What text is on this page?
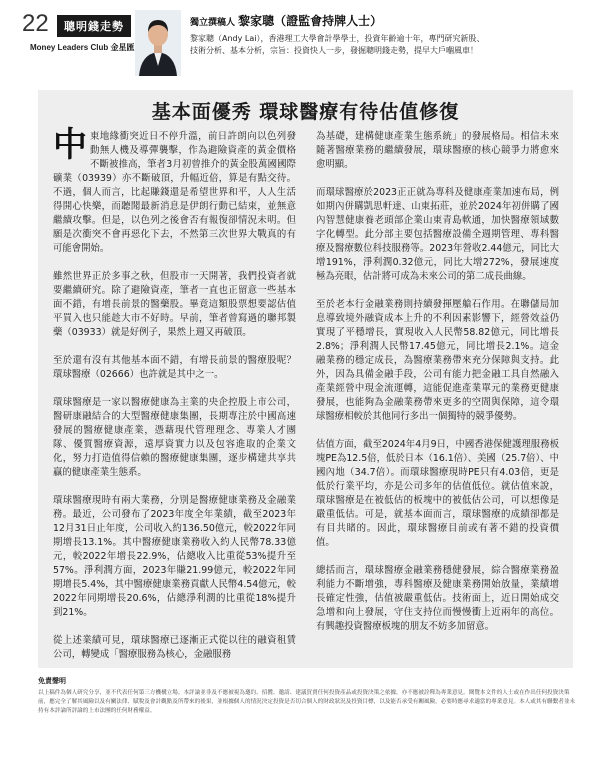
22	聰明錢走勢
Money Leaders Club 金星匯
獨立撰稿人 黎家聰（證監會持牌人士）
黎家聰（Andy Lai），香港理工大學會計學學士，投資年齡逾十年，專門研究新股、技術分析、基本分析，宗旨：投資快人一步，發掘聰明錢走勢，提早大戶嗰風車！
基本面優秀 環球醫療有待估值修復

中東地緣衝突近日不停升溫，前日許朗向以色列發動無人機及導彈襲擊，作為避險資產的黃金價格不斷被推高，筆者3月初曾推介的黃金股萬國國際礦業（03939）亦不斷破頂，升幅近倍，算是有點交待。不過，個人而言，比起賺錢還是希望世界和平，人人生活得開心快樂，而聽聞最新消息是伊朗行動已結束，並無意繼續攻擊。但是，以色列之後會否有報復卻情況未明。但願是次衝突不會再惡化下去，不然第三次世界大戰真的有可能會開始。

雖然世界正於多事之秋，但股市一天開著，我們投資者就要繼續研究。除了避險資產，筆者一直也正留意一些基本面不錯，有增長前景的醫藥股。畢竟這類股票想要認估值平買入也只能趁大市不好時。早前，筆者曾寫過的聯邦製藥（03933）就是好例子，果然上週又再破頂。

至於還有沒有其他基本面不錯，有增長前景的醫療股呢？環球醫療（02666）也許就是其中之一。

環球醫療是一家以醫療健康為主業的央企控股上市公司，醫研康融結合的大型醫療健康集團，長期專注於中國高速發展的醫療健康產業，憑藉現代管理理念、專業人才團隊、優質醫療資源，遠厚資實力以及包容進取的企業文化，努力打造值得信賴的醫療健康集團，逐步構建共享共贏的健康產業生態系。

環球醫療現時有兩大業務，分別是醫療健康業務及金融業務。最近，公司發布了2023年度全年業績，截至2023年12月31日止年度，公司收入約136.50億元，較2022年同期增長13.1%。其中醫療健康業務收入約人民幣78.33億元，較2022年增長22.9%，佔總收入比重從53%提升至57%。淨利潤方面，2023年賺21.99億元，較2022年同期增長5.4%，其中醫療健康業務貢獻人民幣4.54億元，較2022年同期增長20.6%，佔總淨利潤的比重從18%提升到21%。

從上述業績可見，環球醫療已逐漸正式從以往的融資租賃公司，轉變成「醫療服務為核心，金融服務

為基礎，建構健康產業生態系統」的發展格局。相信未來隨著醫療業務的繼續發展，環球醫療的核心競爭力將愈來愈明顯。

而環球醫療於2023正正就為專科及健康產業加速布局，例如期內併購凱思軒達、山東拓莊，並於2024年初併購了國內智慧健康養老頭部企業山東青島軟通，加快醫療領域數字化轉型。此分部主要包括醫療設備全週期管理、專科醫療及醫療數位科技服務等。2023年營收2.44億元，同比大增191%，淨利潤0.32億元，同比大增272%，發展速度極為亮眼，估計將可成為未來公司的第二成長曲線。

至於老本行金融業務則持續發揮壓艙石作用。在聯儲局加息導致境外融資成本上升的不利因素影響下，經營效益仍實現了平穩增長，實現收入人民幣58.82億元，同比增長2.8%；淨利潤人民幣17.45億元，同比增長2.1%。這金融業務的穩定成長，為醫療業務帶來充分保障與支持。此外，因為具備金融手段，公司有能力把金融工具自然融入產業經營中現金流運轉，這能促進產業單元的業務更健康發展，也能夠為金融業務帶來更多的空間與保障，這令環球醫療相較於其他同行多出一個獨特的競爭優勢。

估值方面，截至2024年4月9日，中國香港保健護理服務板塊PE為12.5倍，低於日本（16.1倍）、美國（25.7倍）、中國內地（34.7倍）。而環球醫療現時PE只有4.03倍，更是低於行業平均，亦是公司多年的估值低位。就估值來說，環球醫療是在被低估的板塊中的被低估公司，可以想像是嚴重低估。可是，就基本面而言，環球醫療的成績卻都是有目共睹的。因此，環球醫療目前或有著不錯的投資價值。

總括而言，環球醫療金融業務穩健發展，綜合醫療業務盈利能力不斷增強，專科醫療及健康業務開始放量，業績增長確定性強，估值被嚴重低估。技術面上，近日開始成交急增和向上發展，守住支持位而慢慢衝上近兩年的高位。有興趣投資醫療板塊的朋友不妨多加留意。

免責聲明
以上稿件為個人研究分享，並不代表任何第三方機構立場。本評論並非及不應被視為邀約、招攬、邀請、建議買賣任何投資產品或投資決策之依據，亦不應被詮釋為專業意見。閱覽本文件的人士或在作出任何投資決策前，應完全了解其風險以及有關法律、賦稅及會計觀點及所帶來的後果，並根據個人的情況決定投資是否切合個人的財政狀況及投資目標，以及能否承受有關風險，必要時應尋求適當的專業意見。本人或其有聯繫者並未持有本評論所評論的上市法團的任何財務權益。
